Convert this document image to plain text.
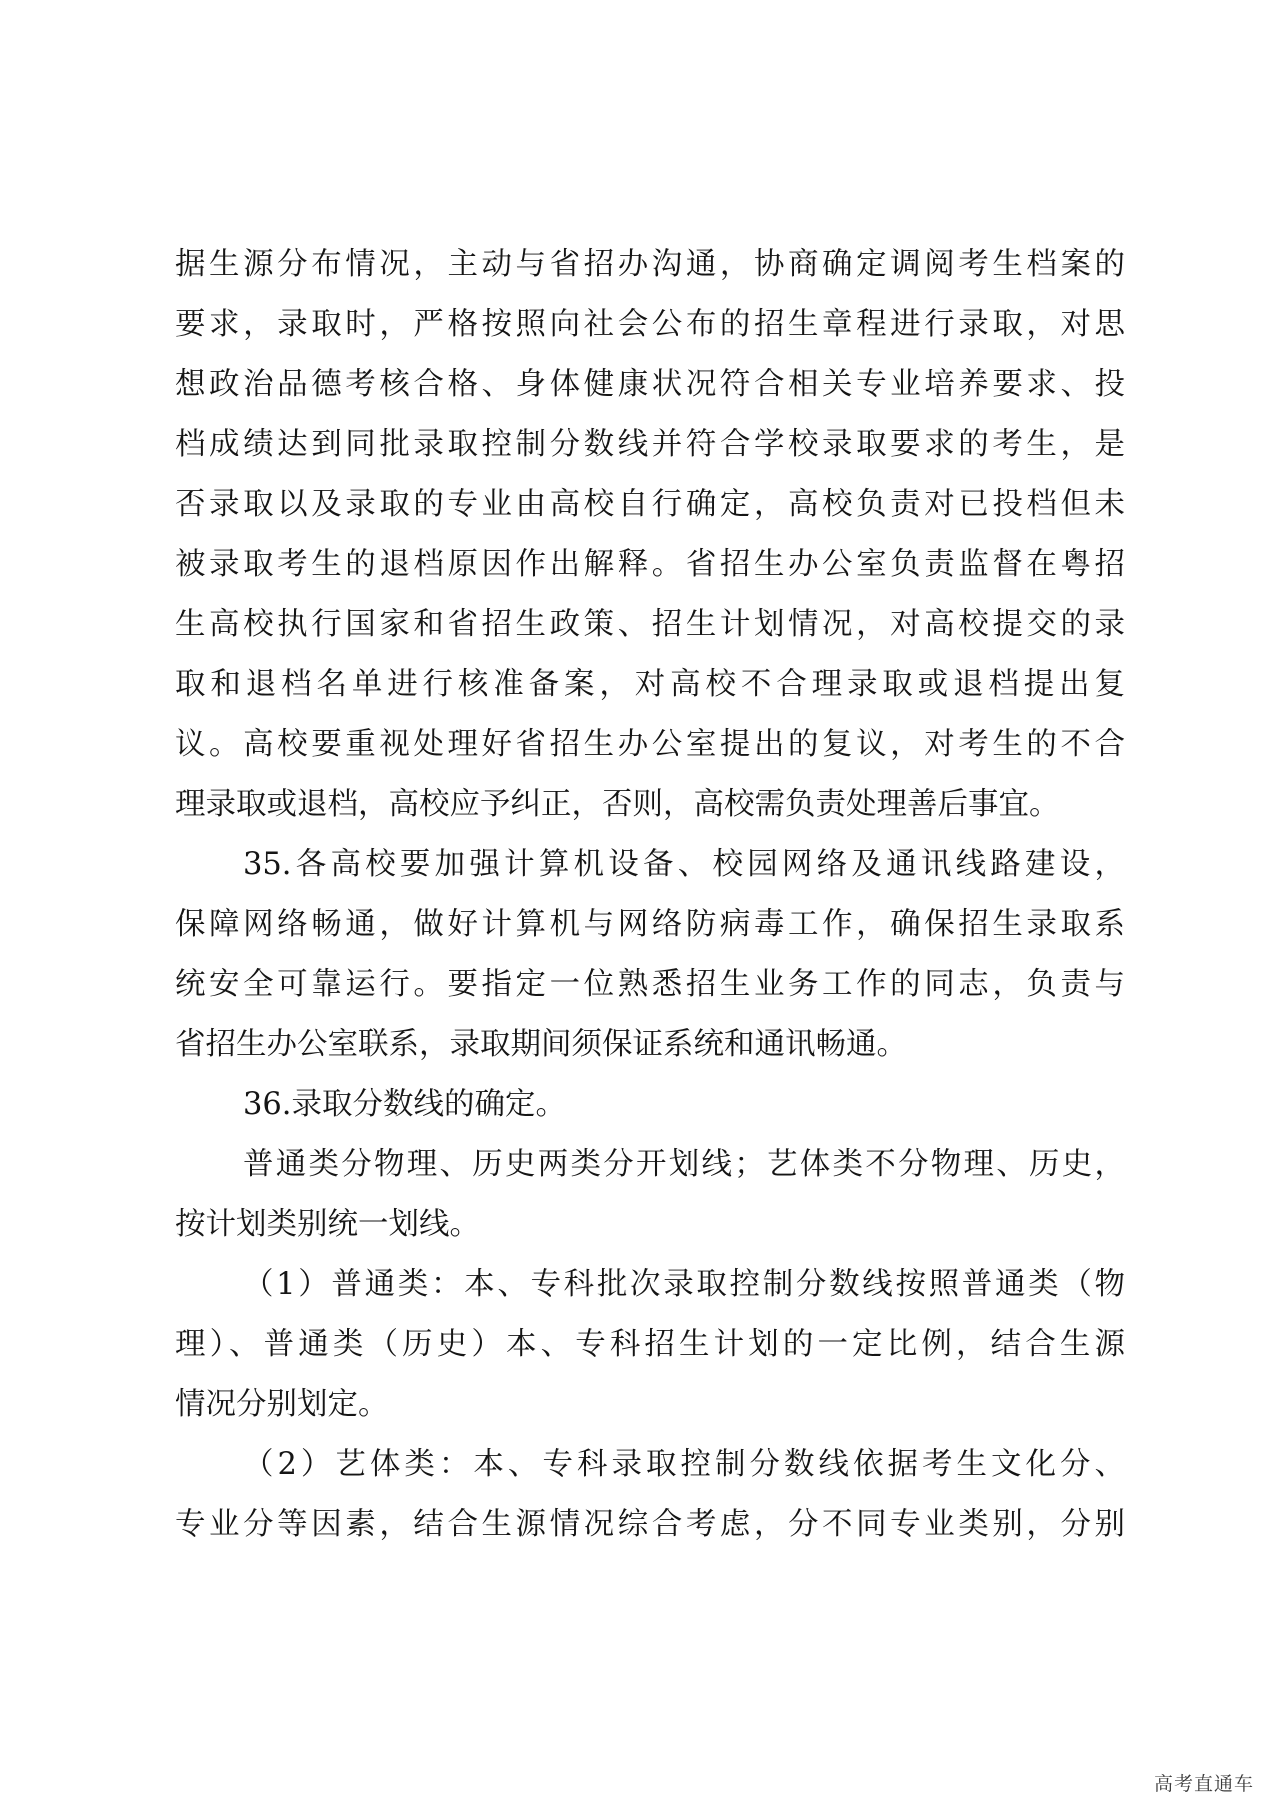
据生源分布情况，主动与省招办沟通，协商确定调阅考生档案的
要求，录取时，严格按照向社会公布的招生章程进行录取，对思
想政治品德考核合格、身体健康状况符合相关专业培养要求、投
档成绩达到同批录取控制分数线并符合学校录取要求的考生，是
否录取以及录取的专业由高校自行确定，高校负责对已投档但未
被录取考生的退档原因作出解释。省招生办公室负责监督在粤招
生高校执行国家和省招生政策、招生计划情况，对高校提交的录
取和退档名单进行核准备案，对高校不合理录取或退档提出复
议。高校要重视处理好省招生办公室提出的复议，对考生的不合
理录取或退档，高校应予纠正，否则，高校需负责处理善后事宜。
35.各高校要加强计算机设备、校园网络及通讯线路建设，
保障网络畅通，做好计算机与网络防病毒工作，确保招生录取系
统安全可靠运行。要指定一位熟悉招生业务工作的同志，负责与
省招生办公室联系，录取期间须保证系统和通讯畅通。
36.录取分数线的确定。
普通类分物理、历史两类分开划线；艺体类不分物理、历史，
按计划类别统一划线。
（1）普通类：本、专科批次录取控制分数线按照普通类（物
理）、普通类（历史）本、专科招生计划的一定比例，结合生源
情况分别划定。
（2）艺体类：本、专科录取控制分数线依据考生文化分、
专业分等因素，结合生源情况综合考虑，分不同专业类别，分别
高考直通车
